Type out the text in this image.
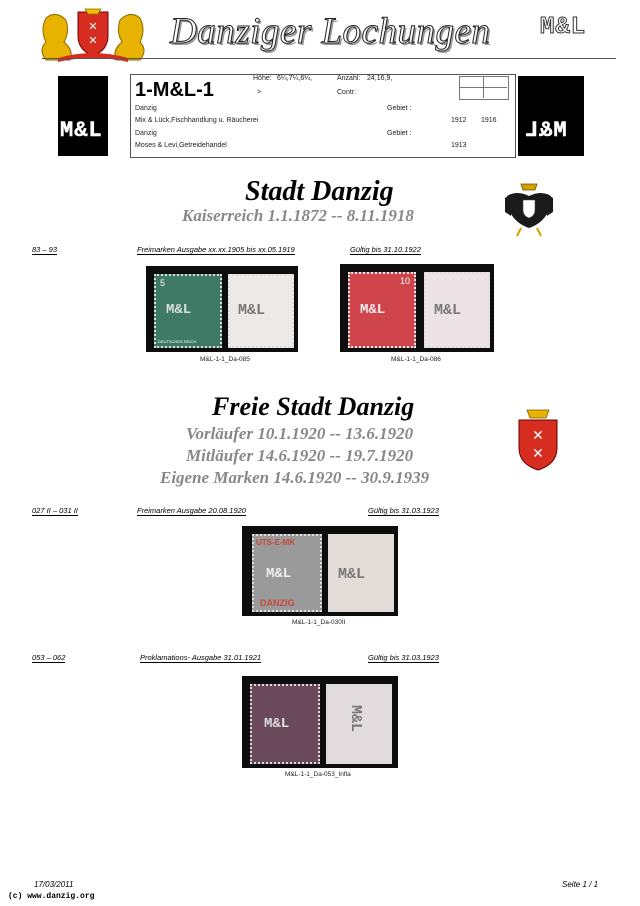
✕
✕ Danziger Lochungen M&L
M&L	M&L
1-M&L-1
Höhe: 6¼,7¼,6¼,	Anzahl: 24,16,9,
>	Contr:
Danzig	Gebiet :
Mix & Lück,Fischhandlung u. Räucherei	1912 1916
Danzig	Gebiet :
Moses & Levi,Getreidehandel	1913
Stadt Danzig
Kaiserreich 1.1.1872 -- 8.11.1918
83 – 93	Freimarken Ausgabe xx.xx.1905 bis xx.05.1919	Gültig bis 31.10.1922
5
M&L
DEUTSCHES REICH
M&L
M&L-1-1_Da-085
10
M&L	M&L
M&L-1-1_Da-086
Freie Stadt Danzig
Vorläufer 10.1.1920 -- 13.6.1920
Mitläufer 14.6.1920 -- 19.7.1920
Eigene Marken 14.6.1920 -- 30.9.1939
✕
✕
027 II – 031 II	Freimarken Ausgabe 20.08.1920	Gültig bis 31.03.1923
UTS-E-MK
M&L
DANZIG
M&L
M&L-1-1_Da-030II
053 – 062	Proklamations- Ausgabe 31.01.1921	Gültig bis 31.03.1923
M&L	M&L
M&L-1-1_Da-053_Infla
17/03/2011	Seite 1 / 1
(c) www.danzig.org
